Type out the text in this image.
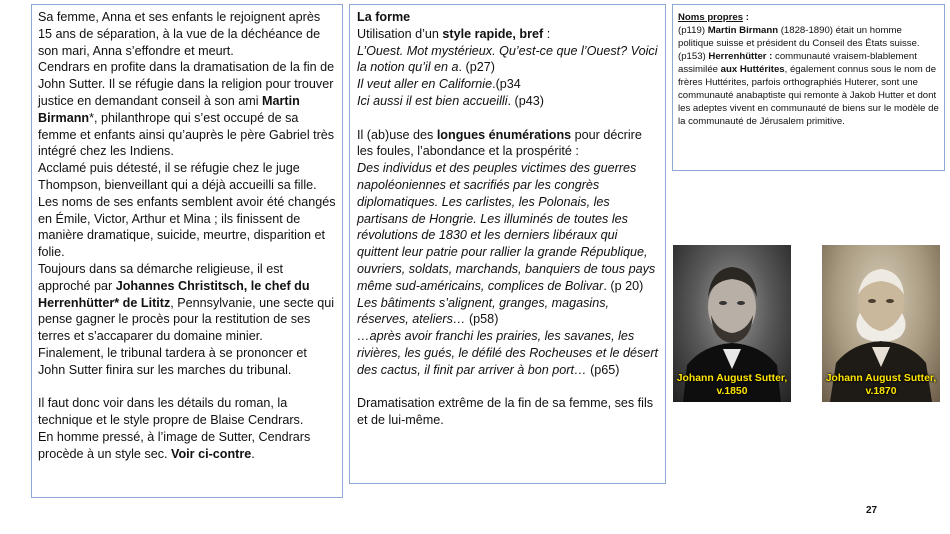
Sa femme, Anna et ses enfants le rejoignent après 15 ans de séparation, à la vue de la déchéance de son mari, Anna s’effondre et meurt.

Cendrars en profite dans la dramatisation de la fin de John Sutter. Il se réfugie dans la religion pour trouver justice en demandant conseil à son ami Martin Birmann*, philanthrope qui s’est occupé de sa femme et enfants ainsi qu’auprès le père Gabriel très intégré chez les Indiens.

Acclamé puis détesté, il se réfugie chez le juge Thompson, bienveillant qui a déjà accueilli sa fille.

Les noms de ses enfants semblent avoir été changés en Émile, Victor, Arthur et Mina ; ils finissent de manière dramatique, suicide, meurtre, disparition et folie.

Toujours dans sa démarche religieuse, il est approché par Johannes Christitsch, le chef du Herrenhütter* de Lititz, Pennsylvanie, une secte qui pense gagner le procès pour la restitution de ses terres et s’accaparer du domaine minier.

Finalement, le tribunal tardera à se prononcer et John Sutter finira sur les marches du tribunal.

Il faut donc voir dans les détails du roman, la technique et le style propre de Blaise Cendrars.

En homme pressé, à l’image de Sutter, Cendrars procède à un style sec. Voir ci-contre.

La forme

Utilisation d’un style rapide, bref :

L’Ouest. Mot mystérieux. Qu’est-ce que l’Ouest? Voici la notion qu’il en a. (p27)

Il veut aller en Californie.(p34

Ici aussi il est bien accueilli. (p43)

Il (ab)use des longues énumérations pour décrire les foules, l’abondance et la prospérité :

Des individus et des peuples victimes des guerres napoléoniennes et sacrifiés par les congrès diplomatiques. Les carlistes, les Polonais, les partisans de Hongrie. Les illuminés de toutes les révolutions de 1830 et les derniers libéraux qui quittent leur patrie pour rallier la grande République, ouvriers, soldats, marchands, banquiers de tous pays même sud-américains, complices de Bolivar. (p 20)

Les bâtiments s’alignent, granges, magasins, réserves, ateliers… (p58)

…après avoir franchi les prairies, les savanes, les rivières, les gués, le défilé des Rocheuses et le désert des cactus, il finit par arriver à bon port… (p65)

Dramatisation extrême de la fin de sa femme, ses fils et de lui-même.

Noms propres :

(p119) Martin Birmann (1828-1890) était un homme politique suisse et président du Conseil des États suisse.

(p153) Herrenhütter : communauté vraisem-blablement assimilée aux Huttérites, également connus sous le nom de frères Huttérites, parfois orthographiés Huterer, sont une communauté anabaptiste qui remonte à Jakob Hutter et dont les adeptes vivent en communauté de biens sur le modèle de la communauté de Jérusalem primitive.

Johann August Sutter,
v.1850
Johann August Sutter,
v.1870
27
